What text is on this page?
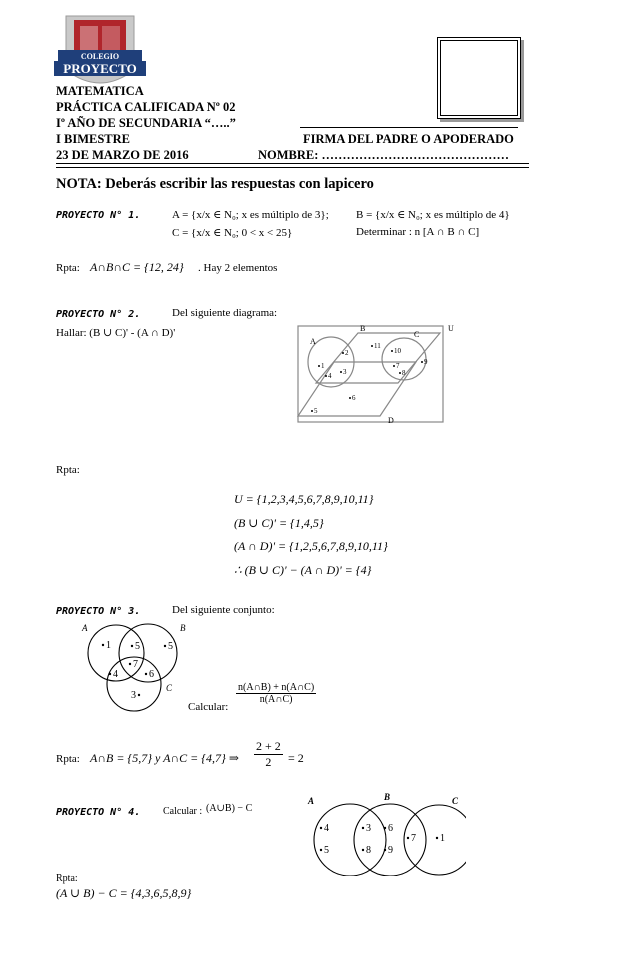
COLEGIO
PROYECTO
MATEMATICA
PRÁCTICA CALIFICADA Nº 02
Iº AÑO DE SECUNDARIA “…..”
I BIMESTRE	FIRMA DEL PADRE O APODERADO
23 DE MARZO DE 2016	NOMBRE: ………………………………………
NOTA: Deberás escribir las respuestas con lapicero
PROYECTO N° 1.	A = {x/x ∈ N₀; x es múltiplo de 3}; B = {x/x ∈ N₀; x es múltiplo de 4}
C = {x/x ∈ N₀; 0 < x < 25}	Determinar : n [A ∩ B ∩ C]
Rpta: A∩B∩C = {12, 24} . Hay 2 elementos
PROYECTO N° 2.	Del siguiente diagrama:
Hallar: (B ∪ C)' - (A ∩ D)'	U
A
B
C
D
1
2
3
4
5
6
7
8
9
10
11
Rpta:
U = {1,2,3,4,5,6,7,8,9,10,11}
(B ∪ C)' = {1,4,5}
(A ∩ D)' = {1,2,5,6,7,8,9,10,11}
∴ (B ∪ C)' − (A ∩ D)' = {4}
PROYECTO N° 3.	Del siguiente conjunto:
A	B
C
1 5	5
7
4	6
3	$\frac{n(A\cap B) + n(A\cap C)}{n(A\cap C)}$
Calcular:
Rpta: A∩B = {5,7} y A∩C = {4,7} ⇒ $\frac{2 + 2}{2} = 2$
PROYECTO N° 4. Calcular : (A∪B) − C
A	B	C
4
5
3
8
6
9
7 1
Rpta:
(A ∪ B) − C = {4,3,6,5,8,9}
